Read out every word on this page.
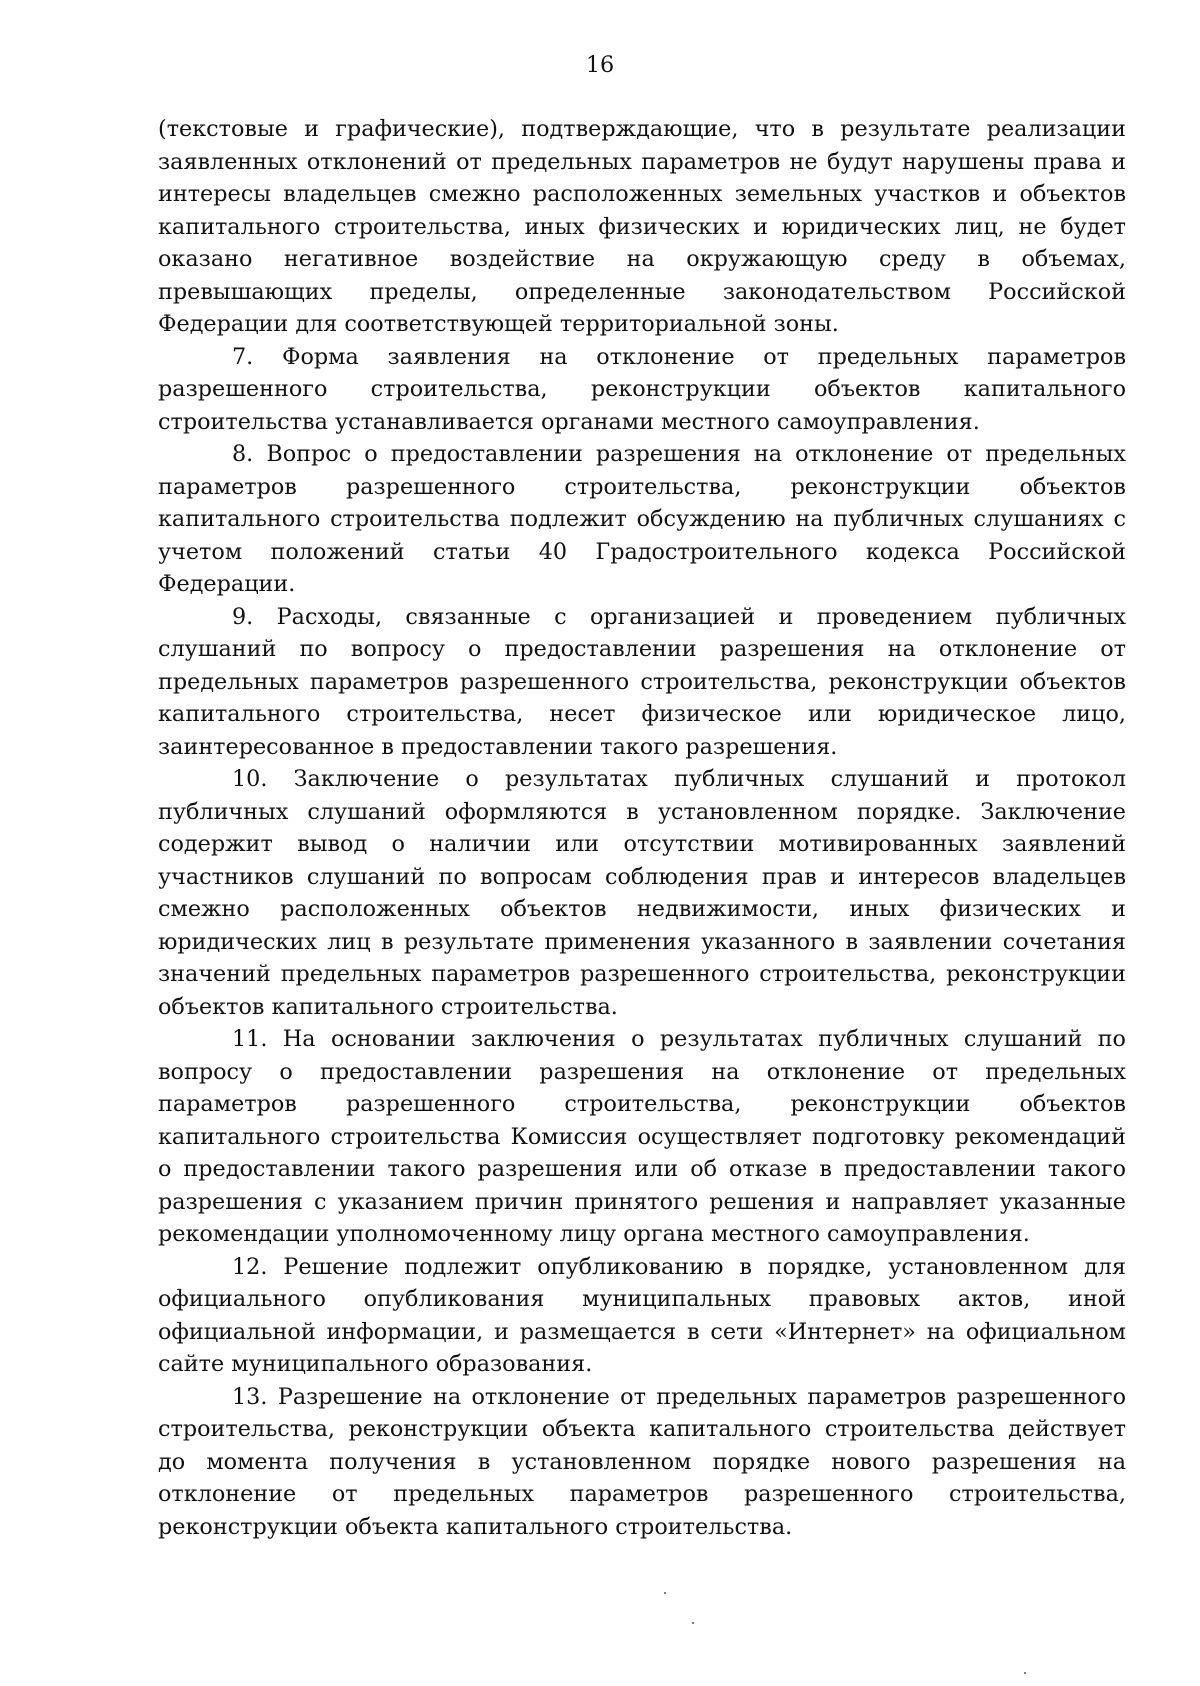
16

(текстовые и графические), подтверждающие, что в результате реализации заявленных отклонений от предельных параметров не будут нарушены права и интересы владельцев смежно расположенных земельных участков и объектов капитального строительства, иных физических и юридических лиц, не будет оказано негативное воздействие на окружающую среду в объемах, превышающих пределы, определенные законодательством Российской Федерации для соответствующей территориальной зоны.

7. Форма заявления на отклонение от предельных параметров разрешенного строительства, реконструкции объектов капитального строительства устанавливается органами местного самоуправления.

8. Вопрос о предоставлении разрешения на отклонение от предельных параметров разрешенного строительства, реконструкции объектов капитального строительства подлежит обсуждению на публичных слушаниях с учетом положений статьи 40 Градостроительного кодекса Российской Федерации.

9. Расходы, связанные с организацией и проведением публичных слушаний по вопросу о предоставлении разрешения на отклонение от предельных параметров разрешенного строительства, реконструкции объектов капитального строительства, несет физическое или юридическое лицо, заинтересованное в предоставлении такого разрешения.

10. Заключение о результатах публичных слушаний и протокол публичных слушаний оформляются в установленном порядке. Заключение содержит вывод о наличии или отсутствии мотивированных заявлений участников слушаний по вопросам соблюдения прав и интересов владельцев смежно расположенных объектов недвижимости, иных физических и юридических лиц в результате применения указанного в заявлении сочетания значений предельных параметров разрешенного строительства, реконструкции объектов капитального строительства.

11. На основании заключения о результатах публичных слушаний по вопросу о предоставлении разрешения на отклонение от предельных параметров разрешенного строительства, реконструкции объектов капитального строительства Комиссия осуществляет подготовку рекомендаций о предоставлении такого разрешения или об отказе в предоставлении такого разрешения с указанием причин принятого решения и направляет указанные рекомендации уполномоченному лицу органа местного самоуправления.

12. Решение подлежит опубликованию в порядке, установленном для официального опубликования муниципальных правовых актов, иной официальной информации, и размещается в сети «Интернет» на официальном сайте муниципального образования.

13. Разрешение на отклонение от предельных параметров разрешенного строительства, реконструкции объекта капитального строительства действует до момента получения в установленном порядке нового разрешения на отклонение от предельных параметров разрешенного строительства, реконструкции объекта капитального строительства.
